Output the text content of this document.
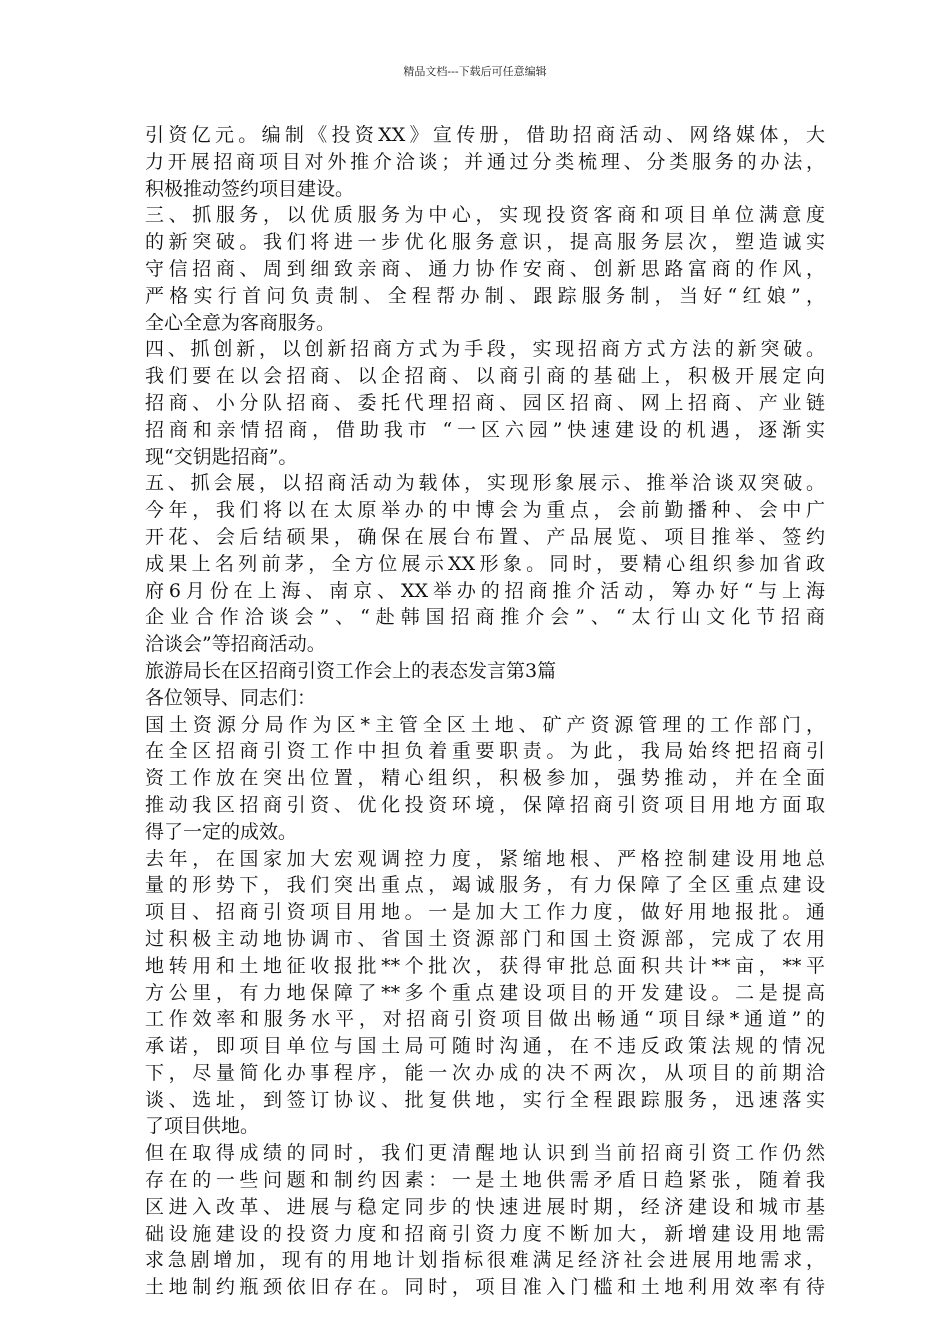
精品文档---下载后可任意编辑
引资亿元。编制《投资XX》宣传册，借助招商活动、网络媒体，大
力开展招商项目对外推介洽谈；并通过分类梳理、分类服务的办法，
积极推动签约项目建设。
三、抓服务，以优质服务为中心，实现投资客商和项目单位满意度
的新突破。我们将进一步优化服务意识，提高服务层次，塑造诚实
守信招商、周到细致亲商、通力协作安商、创新思路富商的作风，
严格实行首问负责制、全程帮办制、跟踪服务制，当好“红娘”，
全心全意为客商服务。
四、抓创新，以创新招商方式为手段，实现招商方式方法的新突破。
我们要在以会招商、以企招商、以商引商的基础上，积极开展定向
招商、小分队招商、委托代理招商、园区招商、网上招商、产业链
招商和亲情招商，借助我市 “一区六园”快速建设的机遇，逐渐实
现“交钥匙招商”。
五、抓会展，以招商活动为载体，实现形象展示、推举洽谈双突破。
今年，我们将以在太原举办的中博会为重点，会前勤播种、会中广
开花、会后结硕果，确保在展台布置、产品展览、项目推举、签约
成果上名列前茅，全方位展示XX形象。同时，要精心组织参加省政
府6月份在上海、南京、XX举办的招商推介活动，筹办好“与上海
企业合作洽谈会”、“赴韩国招商推介会”、“太行山文化节招商
洽谈会”等招商活动。
旅游局长在区招商引资工作会上的表态发言第3篇
各位领导、同志们：
国土资源分局作为区*主管全区土地、矿产资源管理的工作部门，
在全区招商引资工作中担负着重要职责。为此，我局始终把招商引
资工作放在突出位置，精心组织，积极参加，强势推动，并在全面
推动我区招商引资、优化投资环境，保障招商引资项目用地方面取
得了一定的成效。
去年，在国家加大宏观调控力度，紧缩地根、严格控制建设用地总
量的形势下，我们突出重点，竭诚服务，有力保障了全区重点建设
项目、招商引资项目用地。一是加大工作力度，做好用地报批。通
过积极主动地协调市、省国土资源部门和国土资源部，完成了农用
地转用和土地征收报批**个批次，获得审批总面积共计**亩，**平
方公里，有力地保障了**多个重点建设项目的开发建设。二是提高
工作效率和服务水平，对招商引资项目做出畅通“项目绿*通道”的
承诺，即项目单位与国土局可随时沟通，在不违反政策法规的情况
下，尽量简化办事程序，能一次办成的决不两次，从项目的前期洽
谈、选址，到签订协议、批复供地，实行全程跟踪服务，迅速落实
了项目供地。
但在取得成绩的同时，我们更清醒地认识到当前招商引资工作仍然
存在的一些问题和制约因素：一是土地供需矛盾日趋紧张，随着我
区进入改革、进展与稳定同步的快速进展时期，经济建设和城市基
础设施建设的投资力度和招商引资力度不断加大，新增建设用地需
求急剧增加，现有的用地计划指标很难满足经济社会进展用地需求，
土地制约瓶颈依旧存在。同时，项目准入门槛和土地利用效率有待
